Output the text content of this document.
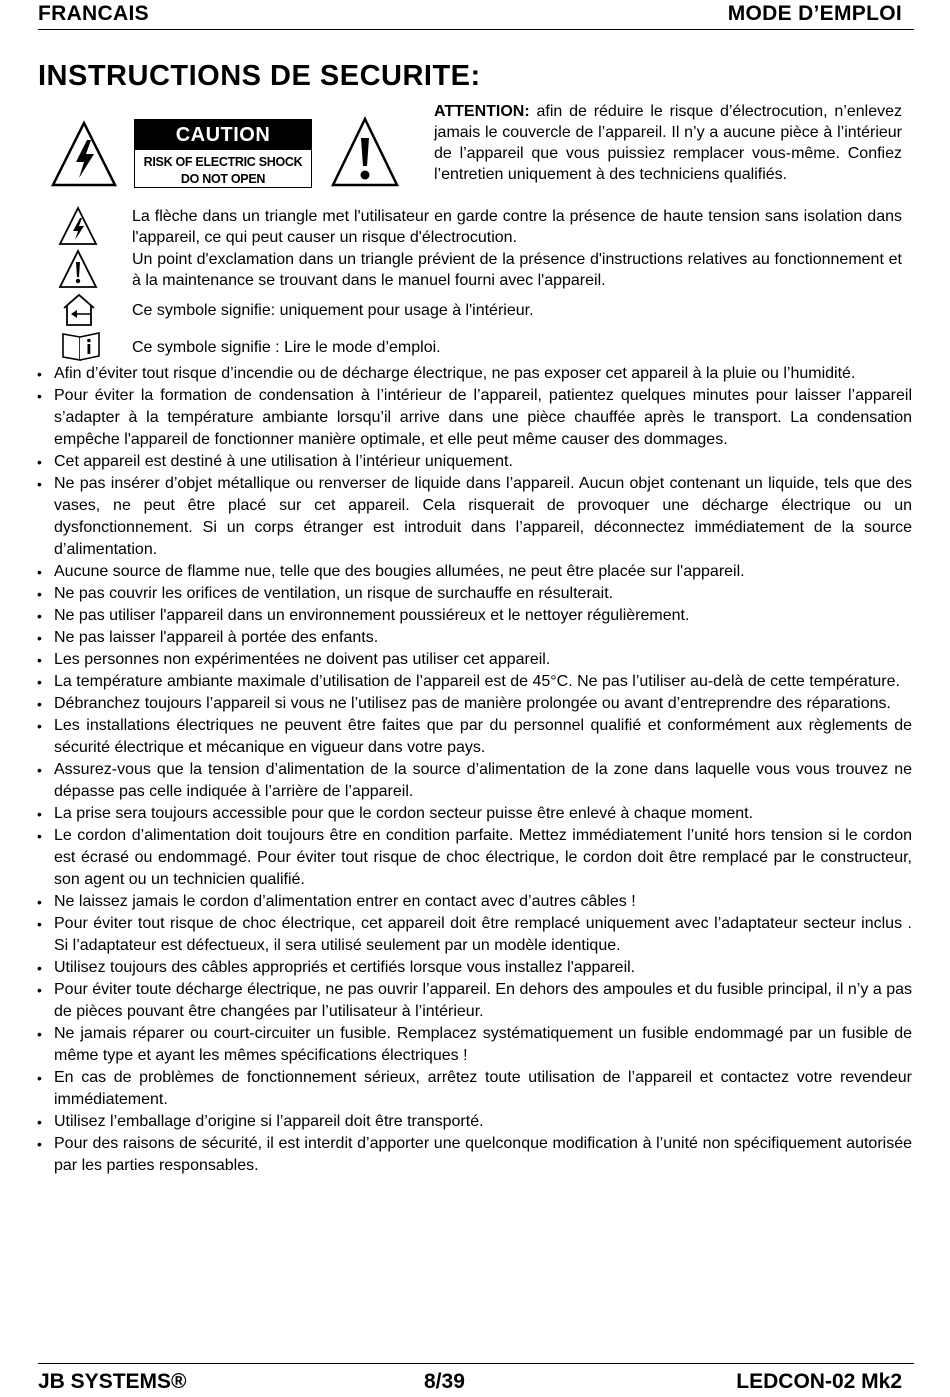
FRANCAIS	MODE D’EMPLOI
INSTRUCTIONS DE SECURITE:
CAUTION
RISK OF ELECTRIC SHOCK
DO NOT OPEN
ATTENTION: afin de réduire le risque d’électrocution, n’enlevez jamais le couvercle de l’appareil. Il n’y a aucune pièce à l’intérieur de l’appareil que vous puissiez remplacer vous-même. Confiez l’entretien uniquement à des techniciens qualifiés.
La flèche dans un triangle met l'utilisateur en garde contre la présence de haute tension sans isolation dans l'appareil, ce qui peut causer un risque d'électrocution.
Un point d'exclamation dans un triangle prévient de la présence d'instructions relatives au fonctionnement et à la maintenance se trouvant dans le manuel fourni avec l'appareil.
Ce symbole signifie: uniquement pour usage à l'intérieur.
Ce symbole signifie : Lire le mode d’emploi.
• Afin d’éviter tout risque d’incendie ou de décharge électrique, ne pas exposer cet appareil à la pluie ou l’humidité.
• Pour éviter la formation de condensation à l’intérieur de l’appareil, patientez quelques minutes pour laisser l’appareil s’adapter à la température ambiante lorsqu’il arrive dans une pièce chauffée après le transport. La condensation empêche l'appareil de fonctionner manière optimale, et elle peut même causer des dommages.
• Cet appareil est destiné à une utilisation à l’intérieur uniquement.
• Ne pas insérer d’objet métallique ou renverser de liquide dans l’appareil. Aucun objet contenant un liquide, tels que des vases, ne peut être placé sur cet appareil. Cela risquerait de provoquer une décharge électrique ou un dysfonctionnement. Si un corps étranger est introduit dans l’appareil, déconnectez immédiatement de la source d’alimentation.
• Aucune source de flamme nue, telle que des bougies allumées, ne peut être placée sur l'appareil.
• Ne pas couvrir les orifices de ventilation, un risque de surchauffe en résulterait.
• Ne pas utiliser l'appareil dans un environnement poussiéreux et le nettoyer régulièrement.
• Ne pas laisser l'appareil à portée des enfants.
• Les personnes non expérimentées ne doivent pas utiliser cet appareil.
• La température ambiante maximale d’utilisation de l’appareil est de 45°C. Ne pas l’utiliser au-delà de cette température.
• Débranchez toujours l’appareil si vous ne l’utilisez pas de manière prolongée ou avant d’entreprendre des réparations.
• Les installations électriques ne peuvent être faites que par du personnel qualifié et conformément aux règlements de sécurité électrique et mécanique en vigueur dans votre pays.
• Assurez-vous que la tension d’alimentation de la source d’alimentation de la zone dans laquelle vous vous trouvez ne dépasse pas celle indiquée à l’arrière de l’appareil.
• La prise sera toujours accessible pour que le cordon secteur puisse être enlevé à chaque moment.
• Le cordon d’alimentation doit toujours être en condition parfaite. Mettez immédiatement l’unité hors tension si le cordon est écrasé ou endommagé. Pour éviter tout risque de choc électrique, le cordon doit être remplacé par le constructeur, son agent ou un technicien qualifié.
• Ne laissez jamais le cordon d’alimentation entrer en contact avec d’autres câbles !
• Pour éviter tout risque de choc électrique, cet appareil doit être remplacé uniquement avec l’adaptateur secteur inclus . Si l’adaptateur est défectueux, il sera utilisé seulement par un modèle identique.
• Utilisez toujours des câbles appropriés et certifiés lorsque vous installez l'appareil.
• Pour éviter toute décharge électrique, ne pas ouvrir l’appareil. En dehors des ampoules et du fusible principal, il n’y a pas de pièces pouvant être changées par l’utilisateur à l’intérieur.
• Ne jamais réparer ou court-circuiter un fusible. Remplacez systématiquement un fusible endommagé par un fusible de même type et ayant les mêmes spécifications électriques !
• En cas de problèmes de fonctionnement sérieux, arrêtez toute utilisation de l’appareil et contactez votre revendeur immédiatement.
• Utilisez l’emballage d’origine si l’appareil doit être transporté.
• Pour des raisons de sécurité, il est interdit d’apporter une quelconque modification à l’unité non spécifiquement autorisée par les parties responsables.
JB SYSTEMS®	8/39	LEDCON-02 Mk2
